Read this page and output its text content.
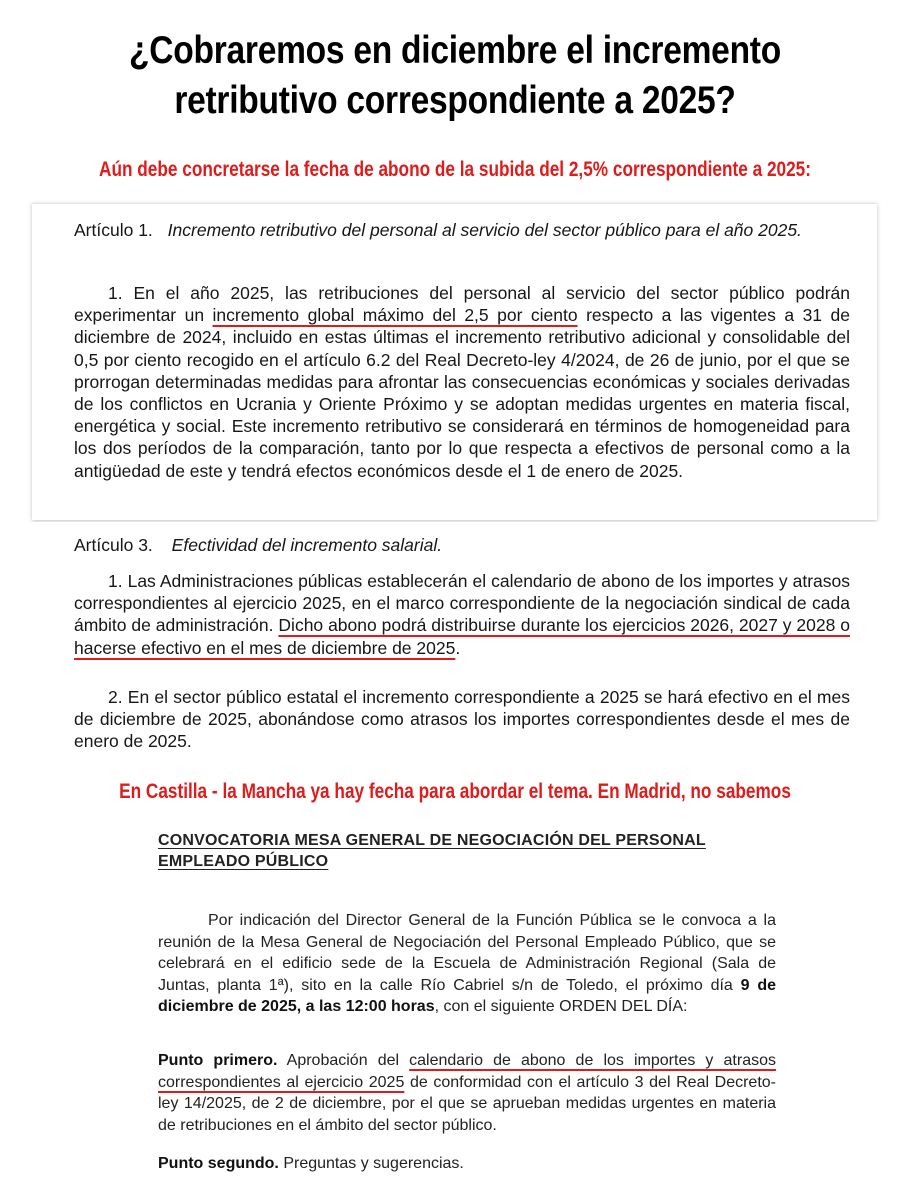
¿Cobraremos en diciembre el incremento
retributivo correspondiente a 2025?
Aún debe concretarse la fecha de abono de la subida del 2,5% correspondiente a 2025:
Artículo 1. Incremento retributivo del personal al servicio del sector público para el año 2025.
1. En el año 2025, las retribuciones del personal al servicio del sector público podrán experimentar un incremento global máximo del 2,5 por ciento respecto a las vigentes a 31 de diciembre de 2024, incluido en estas últimas el incremento retributivo adicional y consolidable del 0,5 por ciento recogido en el artículo 6.2 del Real Decreto-ley 4/2024, de 26 de junio, por el que se prorrogan determinadas medidas para afrontar las consecuencias económicas y sociales derivadas de los conflictos en Ucrania y Oriente Próximo y se adoptan medidas urgentes en materia fiscal, energética y social. Este incremento retributivo se considerará en términos de homogeneidad para los dos períodos de la comparación, tanto por lo que respecta a efectivos de personal como a la antigüedad de este y tendrá efectos económicos desde el 1 de enero de 2025.
Artículo 3. Efectividad del incremento salarial.
1. Las Administraciones públicas establecerán el calendario de abono de los importes y atrasos correspondientes al ejercicio 2025, en el marco correspondiente de la negociación sindical de cada ámbito de administración. Dicho abono podrá distribuirse durante los ejercicios 2026, 2027 y 2028 o hacerse efectivo en el mes de diciembre de 2025.
2. En el sector público estatal el incremento correspondiente a 2025 se hará efectivo en el mes de diciembre de 2025, abonándose como atrasos los importes correspondientes desde el mes de enero de 2025.
En Castilla - la Mancha ya hay fecha para abordar el tema. En Madrid, no sabemos
CONVOCATORIA MESA GENERAL DE NEGOCIACIÓN DEL PERSONAL
EMPLEADO PÚBLICO
Por indicación del Director General de la Función Pública se le convoca a la reunión de la Mesa General de Negociación del Personal Empleado Público, que se celebrará en el edificio sede de la Escuela de Administración Regional (Sala de Juntas, planta 1ª), sito en la calle Río Cabriel s/n de Toledo, el próximo día 9 de diciembre de 2025, a las 12:00 horas, con el siguiente ORDEN DEL DÍA:
Punto primero. Aprobación del calendario de abono de los importes y atrasos correspondientes al ejercicio 2025 de conformidad con el artículo 3 del Real Decreto-ley 14/2025, de 2 de diciembre, por el que se aprueban medidas urgentes en materia de retribuciones en el ámbito del sector público.
Punto segundo. Preguntas y sugerencias.
